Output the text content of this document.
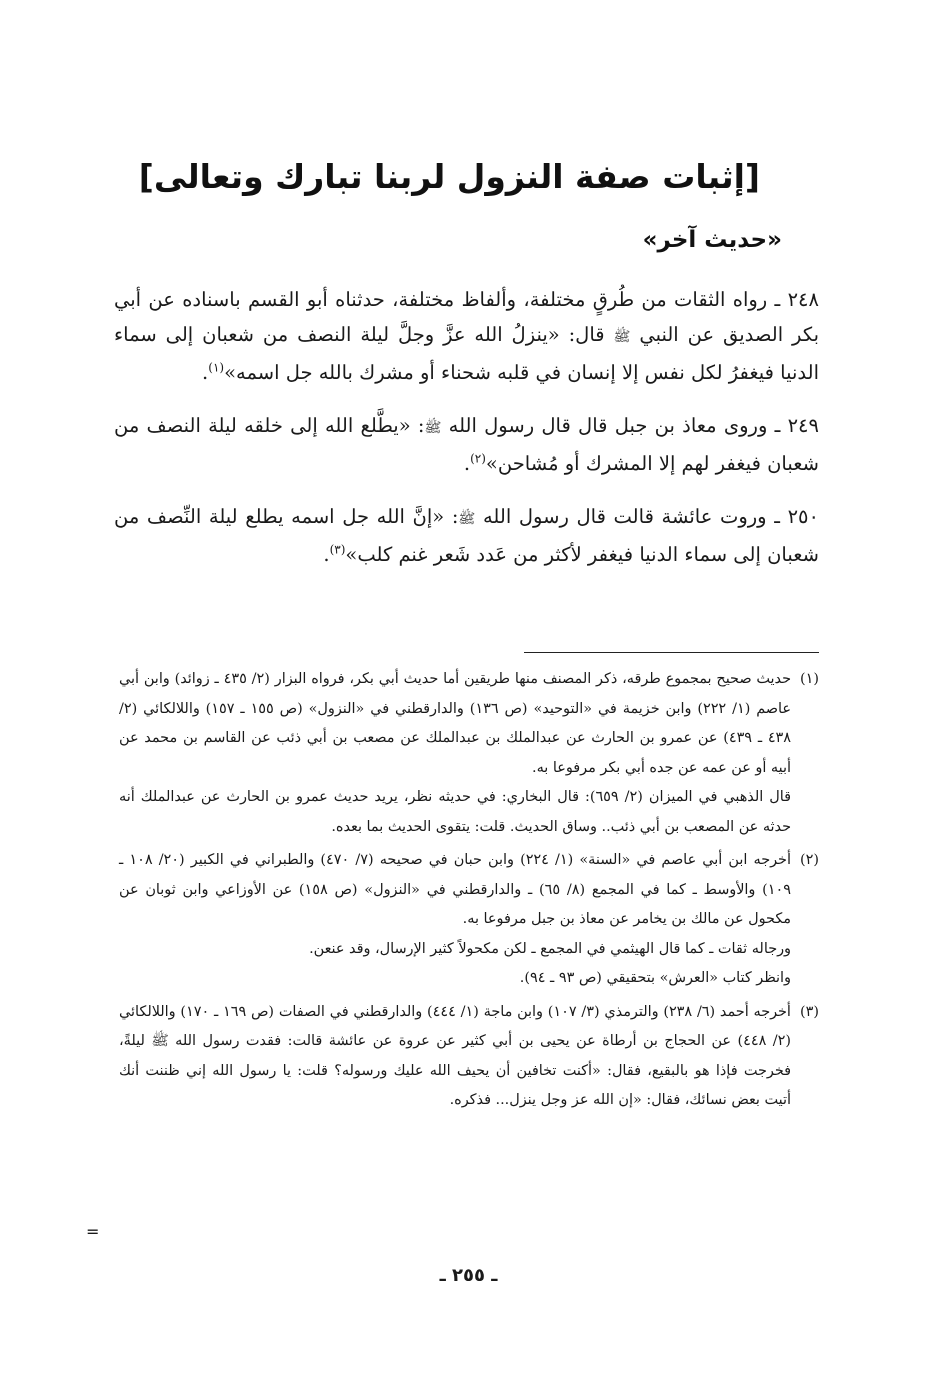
[إثبات صفة النزول لربنا تبارك وتعالى]
«حديث آخر»

٢٤٨ ـ رواه الثقات من طُرقٍ مختلفة، وألفاظ مختلفة، حدثناه أبو القسم باسناده عن أبي بكر الصديق عن النبي ﷺ قال: «ينزلُ الله عزَّ وجلَّ ليلة النصف من شعبان إلى سماء الدنيا فيغفرُ لكل نفس إلا إنسان في قلبه شحناء أو مشرك بالله جل اسمه»$^{(١)}$.

٢٤٩ ـ وروى معاذ بن جبل قال قال رسول الله ﷺ: «يطَّلع الله إلى خلقه ليلة النصف من شعبان فيغفر لهم إلا المشرك أو مُشاحن»$^{(٢)}$.

٢٥٠ ـ وروت عائشة قالت قال رسول الله ﷺ: «إنَّ الله جل اسمه يطلع ليلة النِّصف من شعبان إلى سماء الدنيا فيغفر لأكثر من عَدد شَعر غنم كلب»$^{(٣)}$.

(١)

حديث صحيح بمجموع طرقه، ذكر المصنف منها طريقين أما حديث أبي بكر، فرواه البزار (٢/ ٤٣٥ ـ زوائد) وابن أبي عاصم (١/ ٢٢٢) وابن خزيمة في «التوحيد» (ص ١٣٦) والدارقطني في «النزول» (ص ١٥٥ ـ ١٥٧) واللالكائي (٢/ ٤٣٨ ـ ٤٣٩) عن عمرو بن الحارث عن عبدالملك بن عبدالملك عن مصعب بن أبي ذئب عن القاسم بن محمد عن أبيه أو عن عمه عن جده أبي بكر مرفوعا به.

قال الذهبي في الميزان (٢/ ٦٥٩): قال البخاري: في حديثه نظر، يريد حديث عمرو بن الحارث عن عبدالملك أنه حدثه عن المصعب بن أبي ذئب.. وساق الحديث. قلت: يتقوى الحديث بما بعده.

(٢)

أخرجه ابن أبي عاصم في «السنة» (١/ ٢٢٤) وابن حبان في صحيحه (٧/ ٤٧٠) والطبراني في الكبير (٢٠/ ١٠٨ ـ ١٠٩) والأوسط ـ كما في المجمع (٨/ ٦٥) ـ والدارقطني في «النزول» (ص ١٥٨) عن الأوزاعي وابن ثوبان عن مكحول عن مالك بن يخامر عن معاذ بن جبل مرفوعا به.

ورجاله ثقات ـ كما قال الهيثمي في المجمع ـ لكن مكحولاً كثير الإرسال، وقد عنعن.

وانظر كتاب «العرش» بتحقيقي (ص ٩٣ ـ ٩٤).

(٣)

أخرجه أحمد (٦/ ٢٣٨) والترمذي (٣/ ١٠٧) وابن ماجة (١/ ٤٤٤) والدارقطني في الصفات (ص ١٦٩ ـ ١٧٠) واللالكائي (٢/ ٤٤٨) عن الحجاج بن أرطاة عن يحيى بن أبي كثير عن عروة عن عائشة قالت: فقدت رسول الله ﷺ ليلةً، فخرجت فإذا هو بالبقيع، فقال: «أكنت تخافين أن يحيف الله عليك ورسوله؟ قلت: يا رسول الله إني ظننت أنك أتيت بعض نسائك، فقال: «إن الله عز وجل ينزل... فذكره.

=
ـ ٢٥٥ ـ
